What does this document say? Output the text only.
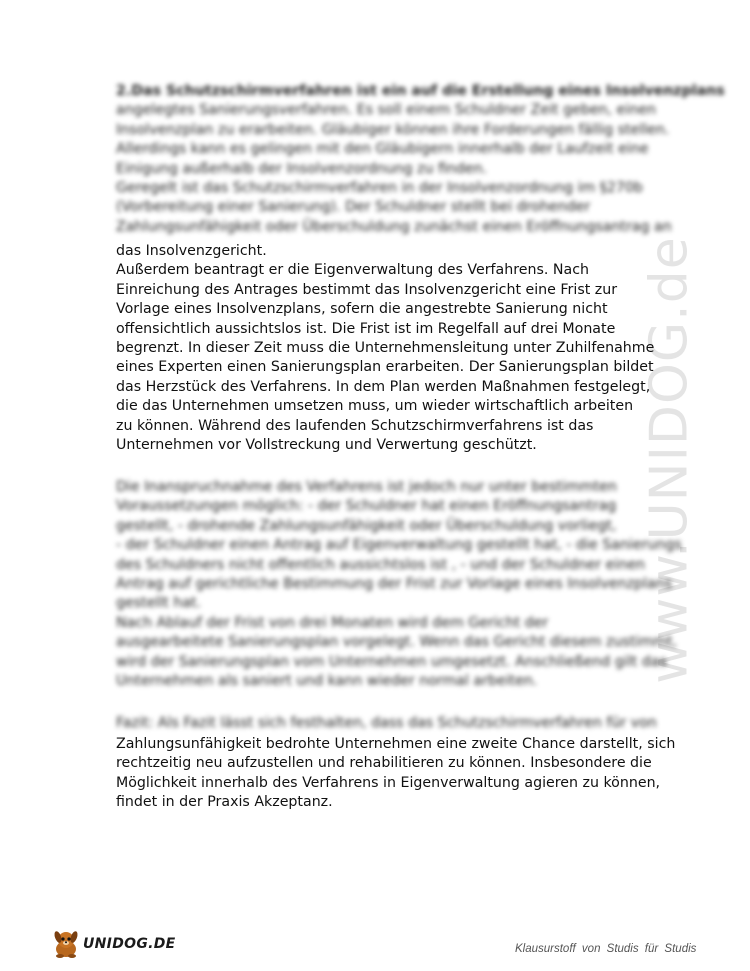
www.UNIDOG.de
2.Das Schutzschirmverfahren ist ein auf die Erstellung eines Insolvenzplans
angelegtes Sanierungsverfahren. Es soll einem Schuldner Zeit geben, einen
Insolvenzplan zu erarbeiten. Gläubiger können ihre Forderungen fällig stellen.
Allerdings kann es gelingen mit den Gläubigern innerhalb der Laufzeit eine
Einigung außerhalb der Insolvenzordnung zu finden.
Geregelt ist das Schutzschirmverfahren in der Insolvenzordnung im §270b
(Vorbereitung einer Sanierung). Der Schuldner stellt bei drohender
Zahlungsunfähigkeit oder Überschuldung zunächst einen Eröffnungsantrag an
das Insolvenzgericht.
Außerdem beantragt er die Eigenverwaltung des Verfahrens. Nach
Einreichung des Antrages bestimmt das Insolvenzgericht eine Frist zur
Vorlage eines Insolvenzplans, sofern die angestrebte Sanierung nicht
offensichtlich aussichtslos ist. Die Frist ist im Regelfall auf drei Monate
begrenzt. In dieser Zeit muss die Unternehmensleitung unter Zuhilfenahme
eines Experten einen Sanierungsplan erarbeiten. Der Sanierungsplan bildet
das Herzstück des Verfahrens. In dem Plan werden Maßnahmen festgelegt,
die das Unternehmen umsetzen muss, um wieder wirtschaftlich arbeiten
zu können. Während des laufenden Schutzschirmverfahrens ist das
Unternehmen vor Vollstreckung und Verwertung geschützt.
Die Inanspruchnahme des Verfahrens ist jedoch nur unter bestimmten
Voraussetzungen möglich: - der Schuldner hat einen Eröffnungsantrag
gestellt, - drohende Zahlungsunfähigkeit oder Überschuldung vorliegt,
- der Schuldner einen Antrag auf Eigenverwaltung gestellt hat, - die Sanierungs
des Schuldners nicht offentlich aussichtslos ist , - und der Schuldner einen
Antrag auf gerichtliche Bestimmung der Frist zur Vorlage eines Insolvenzplans
gestellt hat.
Nach Ablauf der Frist von drei Monaten wird dem Gericht der
ausgearbeitete Sanierungsplan vorgelegt. Wenn das Gericht diesem zustimmt,
wird der Sanierungsplan vom Unternehmen umgesetzt. Anschließend gilt das
Unternehmen als saniert und kann wieder normal arbeiten.
Fazit: Als Fazit lässt sich festhalten, dass das Schutzschirmverfahren für von
Zahlungsunfähigkeit bedrohte Unternehmen eine zweite Chance darstellt, sich
rechtzeitig neu aufzustellen und rehabilitieren zu können. Insbesondere die
Möglichkeit innerhalb des Verfahrens in Eigenverwaltung agieren zu können,
findet in der Praxis Akzeptanz.
UNIDOG.DE	Klausurstoff von Studis für Studis
